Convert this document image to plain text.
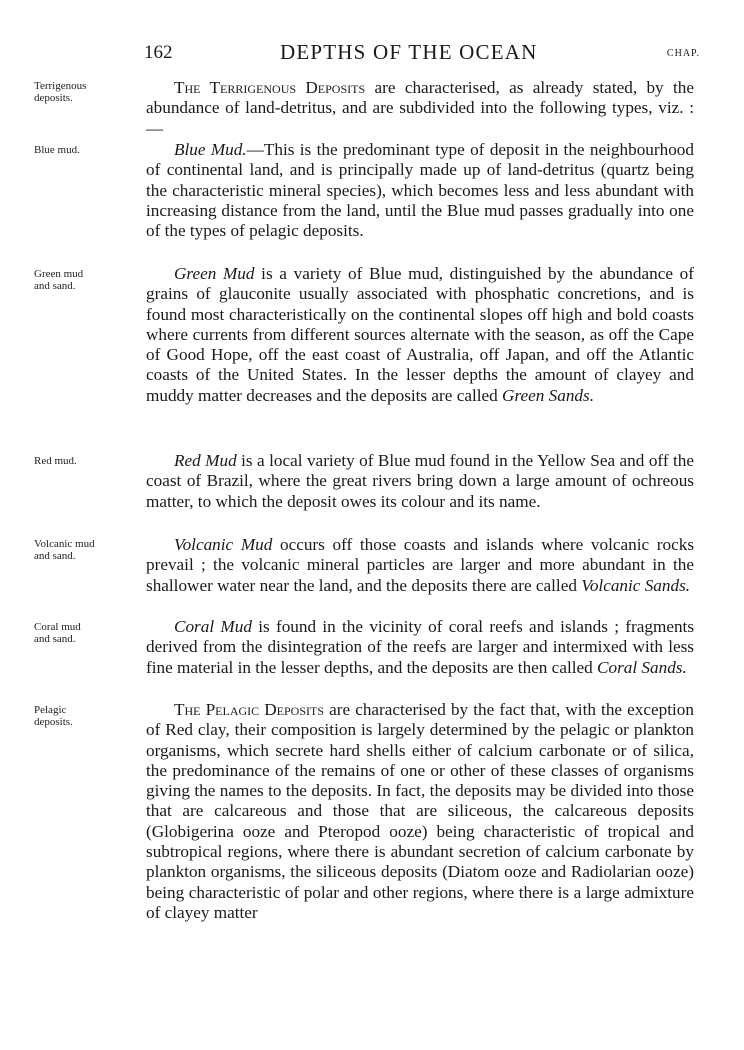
162	DEPTHS OF THE OCEAN	CHAP.
Terrigenous
deposits.

The Terrigenous Deposits are characterised, as already stated, by the abundance of land-detritus, and are subdivided into the following types, viz. :—

Blue mud.	Blue Mud.—This is the predominant type of deposit in the neighbourhood of continental land, and is principally made up of land-detritus (quartz being the characteristic mineral species), which becomes less and less abundant with increasing distance from the land, until the Blue mud passes gradually into one of the types of pelagic deposits.

Green mud
and sand.

Green Mud is a variety of Blue mud, distinguished by the abundance of grains of glauconite usually associated with phosphatic concretions, and is found most characteristically on the continental slopes off high and bold coasts where currents from different sources alternate with the season, as off the Cape of Good Hope, off the east coast of Australia, off Japan, and off the Atlantic coasts of the United States. In the lesser depths the amount of clayey and muddy matter decreases and the deposits are called Green Sands.

Red mud.	Red Mud is a local variety of Blue mud found in the Yellow Sea and off the coast of Brazil, where the great rivers bring down a large amount of ochreous matter, to which the deposit owes its colour and its name.

Volcanic mud
and sand.

Volcanic Mud occurs off those coasts and islands where volcanic rocks prevail ; the volcanic mineral particles are larger and more abundant in the shallower water near the land, and the deposits there are called Volcanic Sands.

Coral mud
and sand.

Coral Mud is found in the vicinity of coral reefs and islands ; fragments derived from the disintegration of the reefs are larger and intermixed with less fine material in the lesser depths, and the deposits are then called Coral Sands.

Pelagic
deposits.

The Pelagic Deposits are characterised by the fact that, with the exception of Red clay, their composition is largely determined by the pelagic or plankton organisms, which secrete hard shells either of calcium carbonate or of silica, the predominance of the remains of one or other of these classes of organisms giving the names to the deposits. In fact, the deposits may be divided into those that are calcareous and those that are siliceous, the calcareous deposits (Globigerina ooze and Pteropod ooze) being characteristic of tropical and subtropical regions, where there is abundant secretion of calcium carbonate by plankton organisms, the siliceous deposits (Diatom ooze and Radiolarian ooze) being characteristic of polar and other regions, where there is a large admixture of clayey matter
